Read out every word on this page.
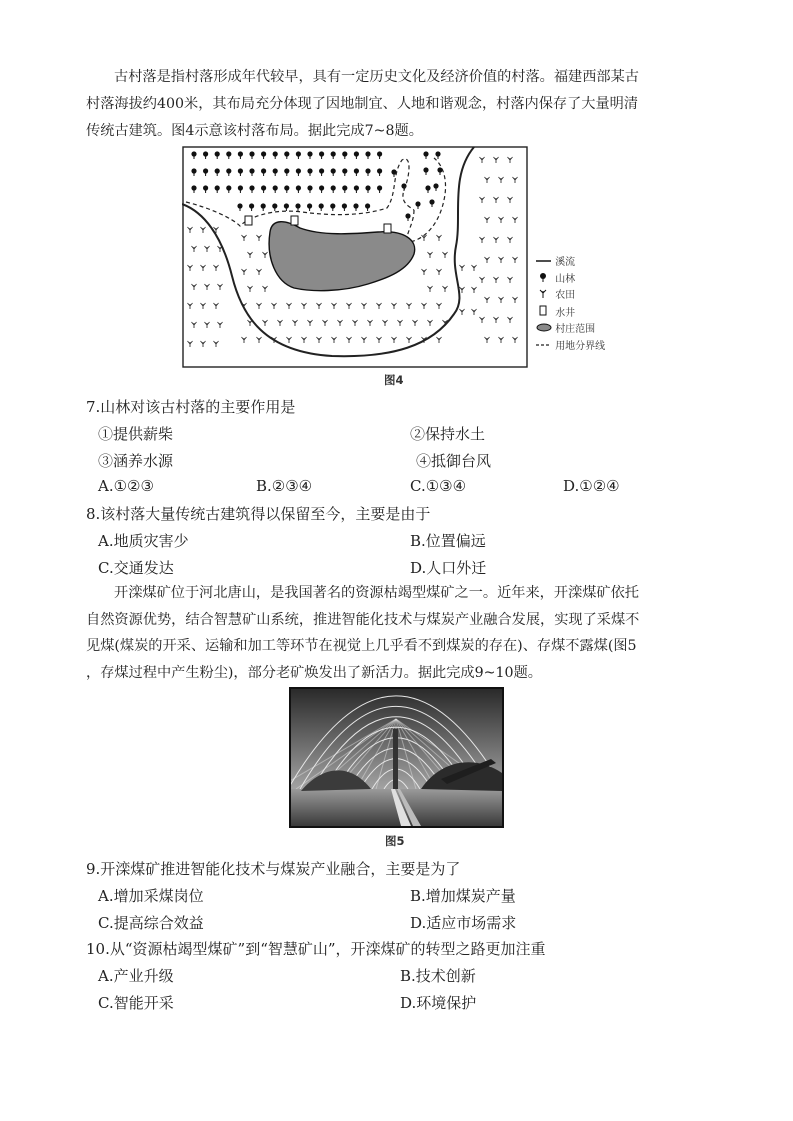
古村落是指村落形成年代较早，具有一定历史文化及经济价值的村落。福建西部某古
村落海拔约400米，其布局充分体现了因地制宜、人地和谐观念，村落内保存了大量明清
传统古建筑。图4示意该村落布局。据此完成7~8题。

溪流
山林
农田
水井
村庄范围
用地分界线
图4

7.山林对该古村落的主要作用是

①提供薪柴	②保持水土

③涵养水源	④抵御台风

A.①②③	B.②③④	C.①③④	D.①②④

8.该村落大量传统古建筑得以保留至今，主要是由于

A.地质灾害少	B.位置偏远

C.交通发达	D.人口外迁

开滦煤矿位于河北唐山，是我国著名的资源枯竭型煤矿之一。近年来，开滦煤矿依托
自然资源优势，结合智慧矿山系统，推进智能化技术与煤炭产业融合发展，实现了采煤不
见煤(煤炭的开采、运输和加工等环节在视觉上几乎看不到煤炭的存在)、存煤不露煤(图5
，存煤过程中产生粉尘)，部分老矿焕发出了新活力。据此完成9~10题。

图5

9.开滦煤矿推进智能化技术与煤炭产业融合，主要是为了

A.增加采煤岗位	B.增加煤炭产量

C.提高综合效益	D.适应市场需求

10.从“资源枯竭型煤矿”到“智慧矿山”，开滦煤矿的转型之路更加注重

A.产业升级	B.技术创新

C.智能开采	D.环境保护
